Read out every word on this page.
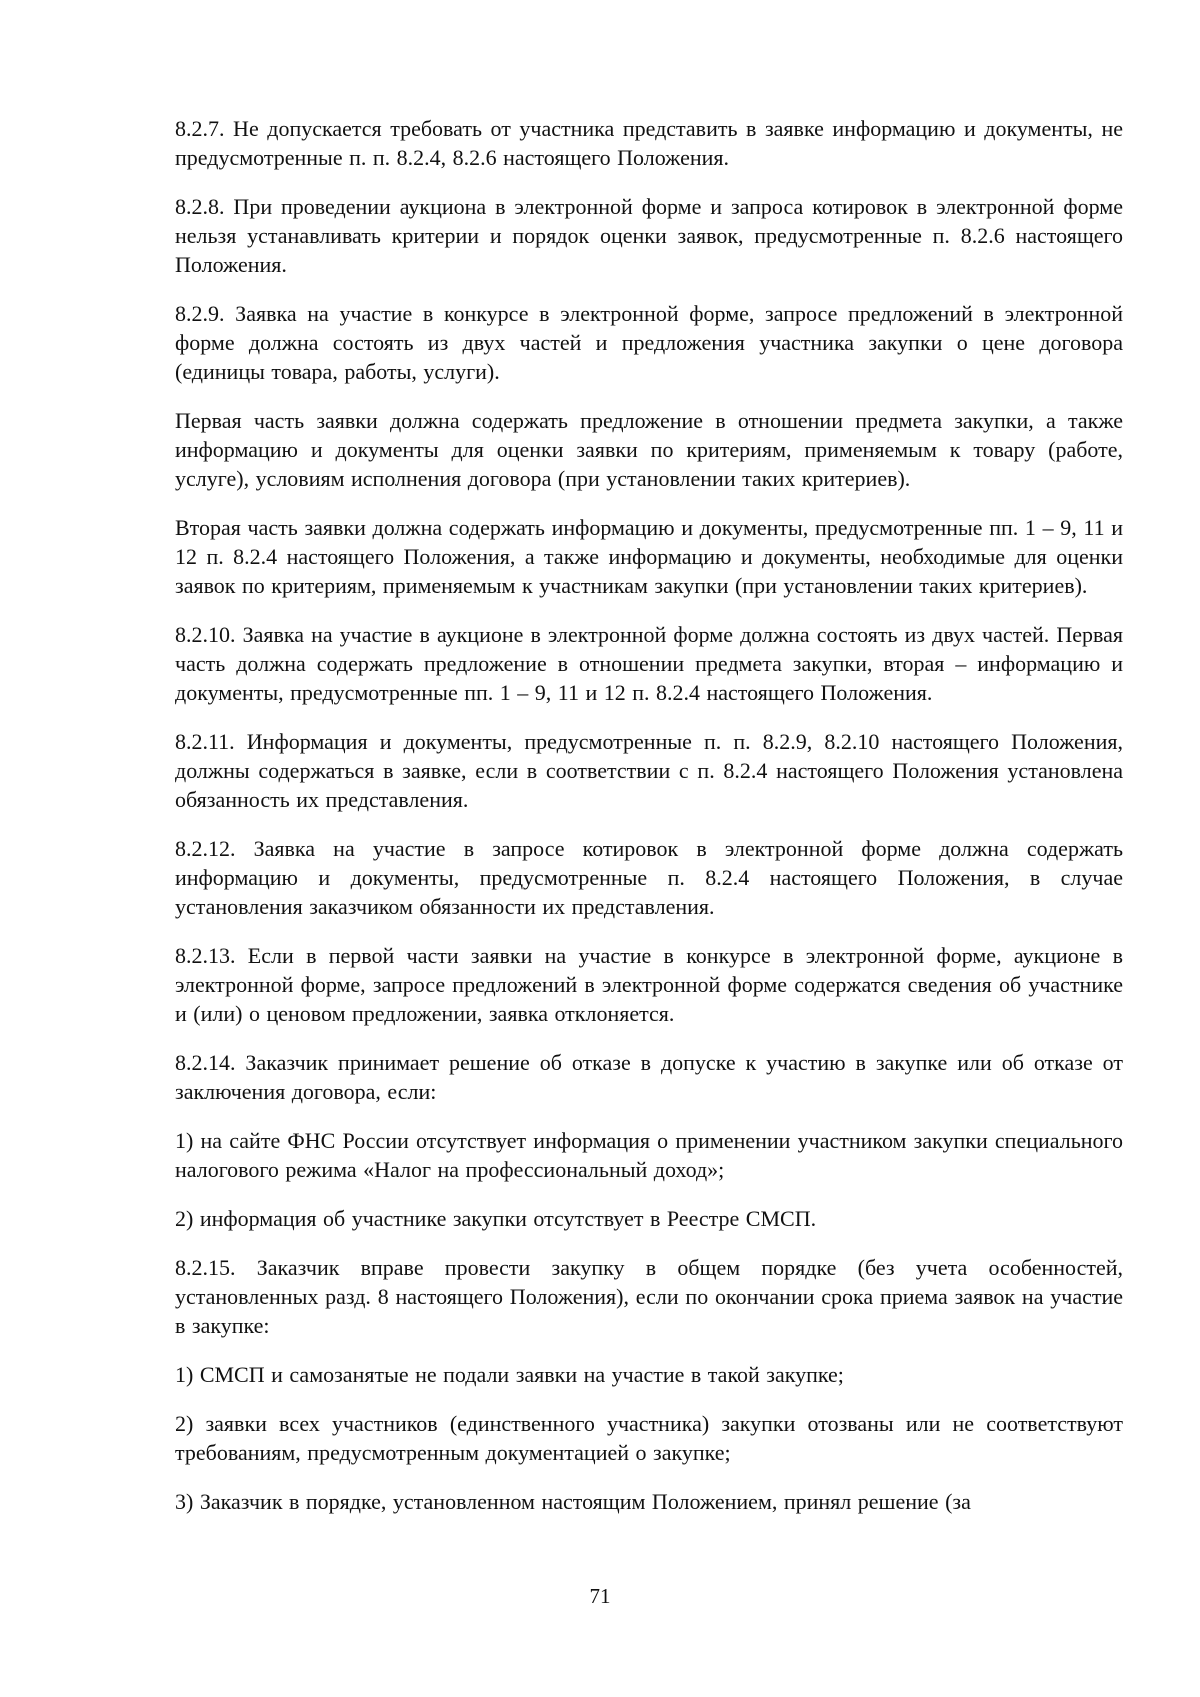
8.2.7. Не допускается требовать от участника представить в заявке информацию и документы, не предусмотренные п. п. 8.2.4, 8.2.6 настоящего Положения.

8.2.8. При проведении аукциона в электронной форме и запроса котировок в электронной форме нельзя устанавливать критерии и порядок оценки заявок, предусмотренные п. 8.2.6 настоящего Положения.

8.2.9. Заявка на участие в конкурсе в электронной форме, запросе предложений в электронной форме должна состоять из двух частей и предложения участника закупки о цене договора (единицы товара, работы, услуги).

Первая часть заявки должна содержать предложение в отношении предмета закупки, а также информацию и документы для оценки заявки по критериям, применяемым к товару (работе, услуге), условиям исполнения договора (при установлении таких критериев).

Вторая часть заявки должна содержать информацию и документы, предусмотренные пп. 1 – 9, 11 и 12 п. 8.2.4 настоящего Положения, а также информацию и документы, необходимые для оценки заявок по критериям, применяемым к участникам закупки (при установлении таких критериев).

8.2.10. Заявка на участие в аукционе в электронной форме должна состоять из двух частей. Первая часть должна содержать предложение в отношении предмета закупки, вторая – информацию и документы, предусмотренные пп. 1 – 9, 11 и 12 п. 8.2.4 настоящего Положения.

8.2.11. Информация и документы, предусмотренные п. п. 8.2.9, 8.2.10 настоящего Положения, должны содержаться в заявке, если в соответствии с п. 8.2.4 настоящего Положения установлена обязанность их представления.

8.2.12. Заявка на участие в запросе котировок в электронной форме должна содержать информацию и документы, предусмотренные п. 8.2.4 настоящего Положения, в случае установления заказчиком обязанности их представления.

8.2.13. Если в первой части заявки на участие в конкурсе в электронной форме, аукционе в электронной форме, запросе предложений в электронной форме содержатся сведения об участнике и (или) о ценовом предложении, заявка отклоняется.

8.2.14. Заказчик принимает решение об отказе в допуске к участию в закупке или об отказе от заключения договора, если:

1) на сайте ФНС России отсутствует информация о применении участником закупки специального налогового режима «Налог на профессиональный доход»;

2) информация об участнике закупки отсутствует в Реестре СМСП.

8.2.15. Заказчик вправе провести закупку в общем порядке (без учета особенностей, установленных разд. 8 настоящего Положения), если по окончании срока приема заявок на участие в закупке:

1) СМСП и самозанятые не подали заявки на участие в такой закупке;

2) заявки всех участников (единственного участника) закупки отозваны или не соответствуют требованиям, предусмотренным документацией о закупке;

3) Заказчик в порядке, установленном настоящим Положением, принял решение (за

71
